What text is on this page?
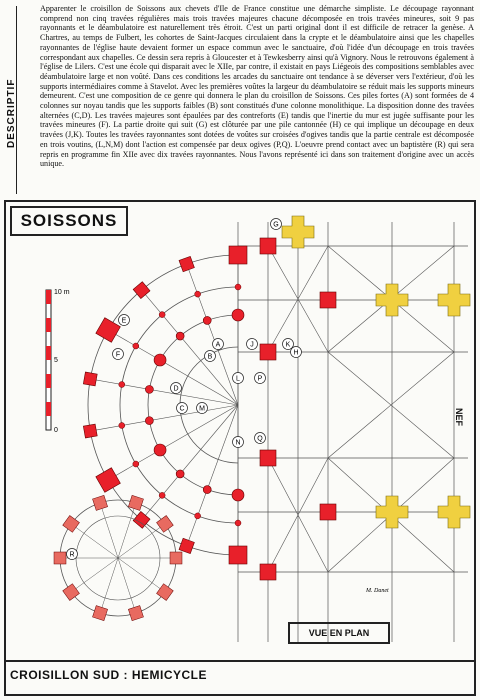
DESCRIPTIF

Apparenter le croisillon de Soissons aux chevets d'Ile de France constitue une démarche simpliste. Le découpage rayonnant comprend non cinq travées régulières mais trois travées majeures chacune décomposée en trois travées mineures, soit 9 pas rayonnants et le déambulatoire est naturellement très étroit. C'est un parti original dont il est difficile de retracer la genèse. A Chartres, au temps de Fulbert, les cohortes de Saint-Jacques circulaient dans la crypte et le déambulatoire ainsi que les chapelles rayonnantes de l'église haute devaient former un espace commun avec le sanctuaire, d'où l'idée d'un découpage en trois travées correspondant aux chapelles. Ce dessin sera repris à Gloucester et à Tewkesberry ainsi qu'à Vignory. Nous le retrouvons également à l'église de Lilers. C'est une école qui disparait avec le XIIe, par contre, il existait en pays Liégeois des compositions semblables avec déambulatoire large et non voûté. Dans ces conditions les arcades du sanctuaire ont tendance à se déverser vers l'extérieur, d'où les supports intermédiaires comme à Stavelot. Avec les premières voûtes la largeur du déambulatoire se réduit mais les supports mineurs demeurent. C'est une composition de ce genre qui donnera le plan du croisillon de Soissons. Ces piles fortes (A) sont formées de 4 colonnes sur noyau tandis que les supports faibles (B) sont constitués d'une colonne monolithique. La disposition donne des travées alternées (C,D). Les travées majeures sont épaulées par des contreforts (E) tandis que l'inertie du mur est jugée suffisante pour les travées mineures (F). La partie droite qui suit (G) est clôturée par une pile cantonnée (H) ce qui implique un découpage en deux travées (J,K). Toutes les travées rayonnantes sont dotées de voûtes sur croisées d'ogives tandis que la partie centrale est décomposée en trois voutins, (L,N,M) dont l'action est compensée par deux ogives (P,Q). L'oeuvre prend contact avec un baptistère (R) qui sera repris en programme fin XIIe avec dix travées rayonnantes. Nous l'avons représenté ici dans son traitement d'origine avec un accès unique.

SOISSONS
NEF
10 m
5
0
A
B
C
D
E
F
G
H
J	K
L
M
N
P
Q
R
M. Danet
VUE EN PLAN
CROISILLON SUD : HEMICYCLE
